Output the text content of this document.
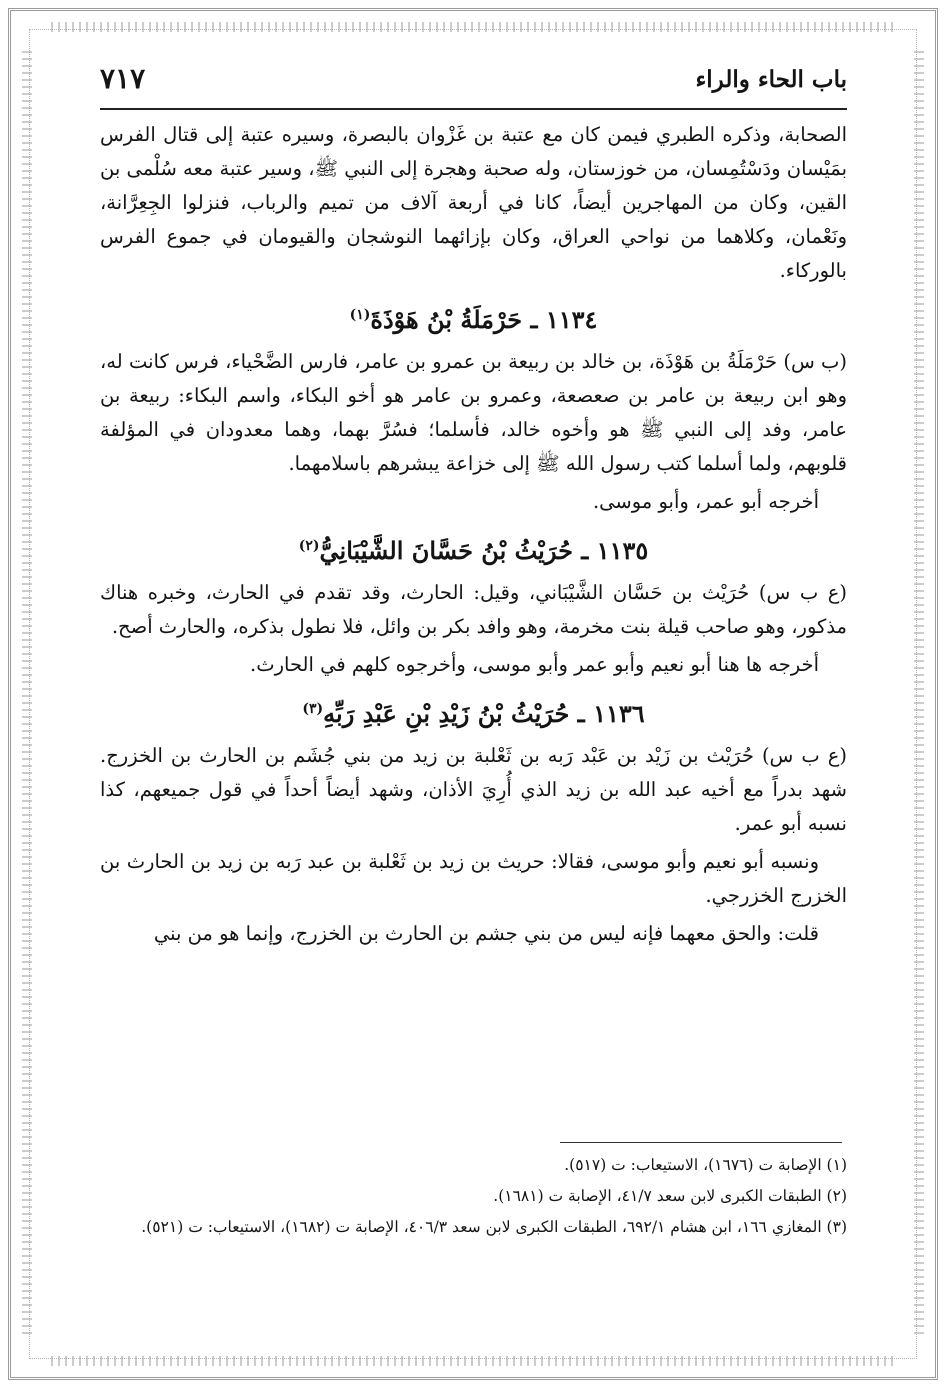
٧١٧	باب الحاء والراء

الصحابة، وذكره الطبري فيمن كان مع عتبة بن غَزْوان بالبصرة، وسيره عتبة إلى قتال الفرس بمَيْسان ودَسْتُمِسان، من خوزستان، وله صحبة وهجرة إلى النبي ﷺ، وسير عتبة معه سُلْمى بن القين، وكان من المهاجرين أيضاً، كانا في أربعة آلاف من تميم والرباب، فنزلوا الجِعِرَّانة، ونَعْمان، وكلاهما من نواحي العراق، وكان بإزائهما النوشجان والقيومان في جموع الفرس بالوركاء.

١١٣٤ ـ حَرْمَلَةُ بْنُ هَوْذَةَ$^{(١)}$

(ب س) حَرْمَلَةُ بن هَوْذَة، بن خالد بن ربيعة بن عمرو بن عامر، فارس الضَّحْياء، فرس كانت له، وهو ابن ربيعة بن عامر بن صعصعة، وعمرو بن عامر هو أخو البكاء، واسم البكاء: ربيعة بن عامر، وفد إلى النبي ﷺ هو وأخوه خالد، فأسلما؛ فسُرَّ بهما، وهما معدودان في المؤلفة قلوبهم، ولما أسلما كتب رسول الله ﷺ إلى خزاعة يبشرهم باسلامهما.

أخرجه أبو عمر، وأبو موسى.

١١٣٥ ـ حُرَيْثُ بْنُ حَسَّانَ الشَّيْبَانِيُّ$^{(٢)}$

(ع ب س) حُرَيْث بن حَسَّان الشَّيْبَاني، وقيل: الحارث، وقد تقدم في الحارث، وخبره هناك مذكور، وهو صاحب قيلة بنت مخرمة، وهو وافد بكر بن وائل، فلا نطول بذكره، والحارث أصح.

أخرجه ها هنا أبو نعيم وأبو عمر وأبو موسى، وأخرجوه كلهم في الحارث.

١١٣٦ ـ حُرَيْثُ بْنُ زَيْدِ بْنِ عَبْدِ رَبِّهِ$^{(٣)}$

(ع ب س) حُرَيْث بن زَيْد بن عَبْد رَبه بن ثَعْلبة بن زيد من بني جُشَم بن الحارث بن الخزرج. شهد بدراً مع أخيه عبد الله بن زيد الذي أُرِيَ الأذان، وشهد أيضاً أحداً في قول جميعهم، كذا نسبه أبو عمر.

ونسبه أبو نعيم وأبو موسى، فقالا: حريث بن زيد بن ثَعْلبة بن عبد رَبه بن زيد بن الحارث بن الخزرج الخزرجي.

قلت: والحق معهما فإنه ليس من بني جشم بن الحارث بن الخزرج، وإنما هو من بني

(١) الإصابة ت (١٦٧٦)، الاستيعاب: ت (٥١٧).

(٢) الطبقات الكبرى لابن سعد ٤١/٧، الإصابة ت (١٦٨١).

(٣) المغازي ١٦٦، ابن هشام ٦٩٢/١، الطبقات الكبرى لابن سعد ٤٠٦/٣، الإصابة ت (١٦٨٢)، الاستيعاب: ت (٥٢١).
